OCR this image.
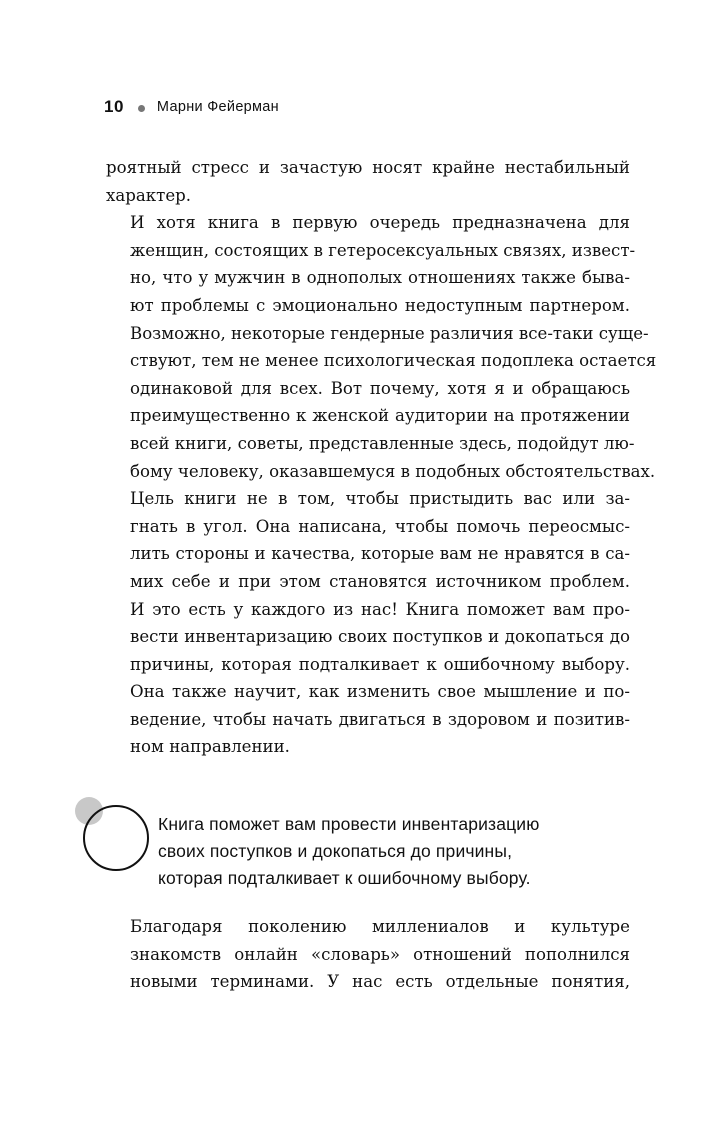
10 Марни Фейерман

роятный стресс и зачастую носят крайне нестабильный
характер.

И хотя книга в первую очередь предназначена для
женщин, состоящих в гетеросексуальных связях, извест-
но, что у мужчин в однополых отношениях также быва-
ют проблемы с эмоционально недоступным партнером.
Возможно, некоторые гендерные различия все-таки суще-
ствуют, тем не менее психологическая подоплека остается
одинаковой для всех. Вот почему, хотя я и обращаюсь
преимущественно к женской аудитории на протяжении
всей книги, советы, представленные здесь, подойдут лю-
бому человеку, оказавшемуся в подобных обстоятельствах.

Цель книги не в том, чтобы пристыдить вас или за-
гнать в угол. Она написана, чтобы помочь переосмыс-
лить стороны и качества, которые вам не нравятся в са-
мих себе и при этом становятся источником проблем.
И это есть у каждого из нас! Книга поможет вам про-
вести инвентаризацию своих поступков и докопаться до
причины, которая подталкивает к ошибочному выбору.
Она также научит, как изменить свое мышление и по-
ведение, чтобы начать двигаться в здоровом и позитив-
ном направлении.

Книга поможет вам провести инвентаризацию
своих поступков и докопаться до причины,
которая подталкивает к ошибочному выбору.

Благодаря поколению миллениалов и культуре
знакомств онлайн «словарь» отношений пополнился
новыми терминами. У нас есть отдельные понятия,
